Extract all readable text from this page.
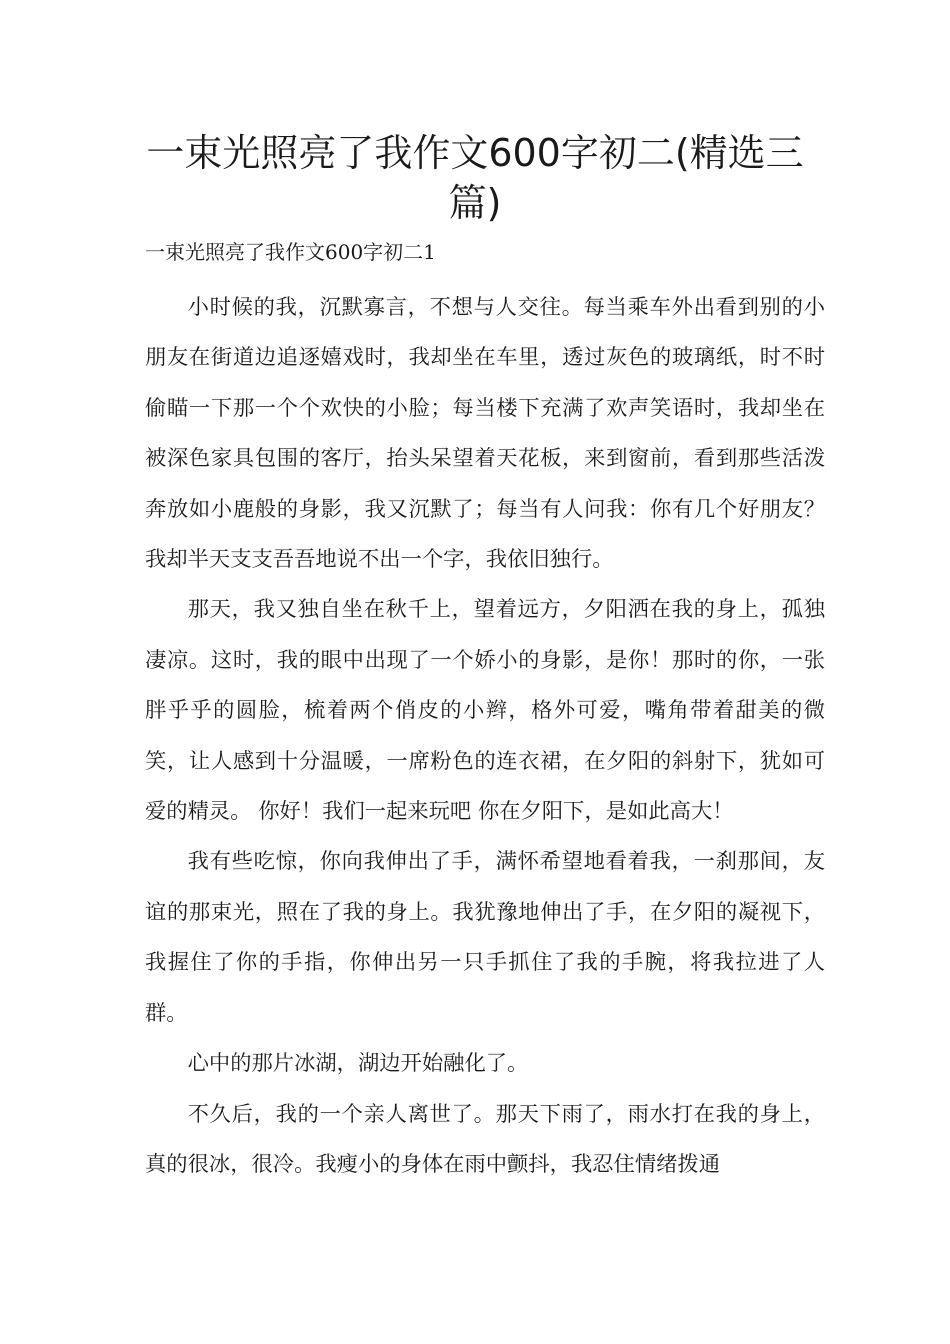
一束光照亮了我作文600字初二(精选三篇)

一束光照亮了我作文600字初二1

小时候的我，沉默寡言，不想与人交往。每当乘车外出看到别的小朋友在街道边追逐嬉戏时，我却坐在车里，透过灰色的玻璃纸，时不时偷瞄一下那一个个欢快的小脸；每当楼下充满了欢声笑语时，我却坐在被深色家具包围的客厅，抬头呆望着天花板，来到窗前，看到那些活泼奔放如小鹿般的身影，我又沉默了；每当有人问我：你有几个好朋友？ 我却半天支支吾吾地说不出一个字，我依旧独行。

那天，我又独自坐在秋千上，望着远方，夕阳洒在我的身上，孤独凄凉。这时，我的眼中出现了一个娇小的身影，是你！那时的你，一张胖乎乎的圆脸，梳着两个俏皮的小辫，格外可爱，嘴角带着甜美的微笑，让人感到十分温暖，一席粉色的连衣裙，在夕阳的斜射下，犹如可爱的精灵。 你好！我们一起来玩吧 你在夕阳下，是如此高大！

我有些吃惊，你向我伸出了手，满怀希望地看着我，一刹那间，友谊的那束光，照在了我的身上。我犹豫地伸出了手，在夕阳的凝视下，我握住了你的手指，你伸出另一只手抓住了我的手腕，将我拉进了人群。

心中的那片冰湖，湖边开始融化了。

不久后，我的一个亲人离世了。那天下雨了，雨水打在我的身上，真的很冰，很冷。我瘦小的身体在雨中颤抖，我忍住情绪拨通
